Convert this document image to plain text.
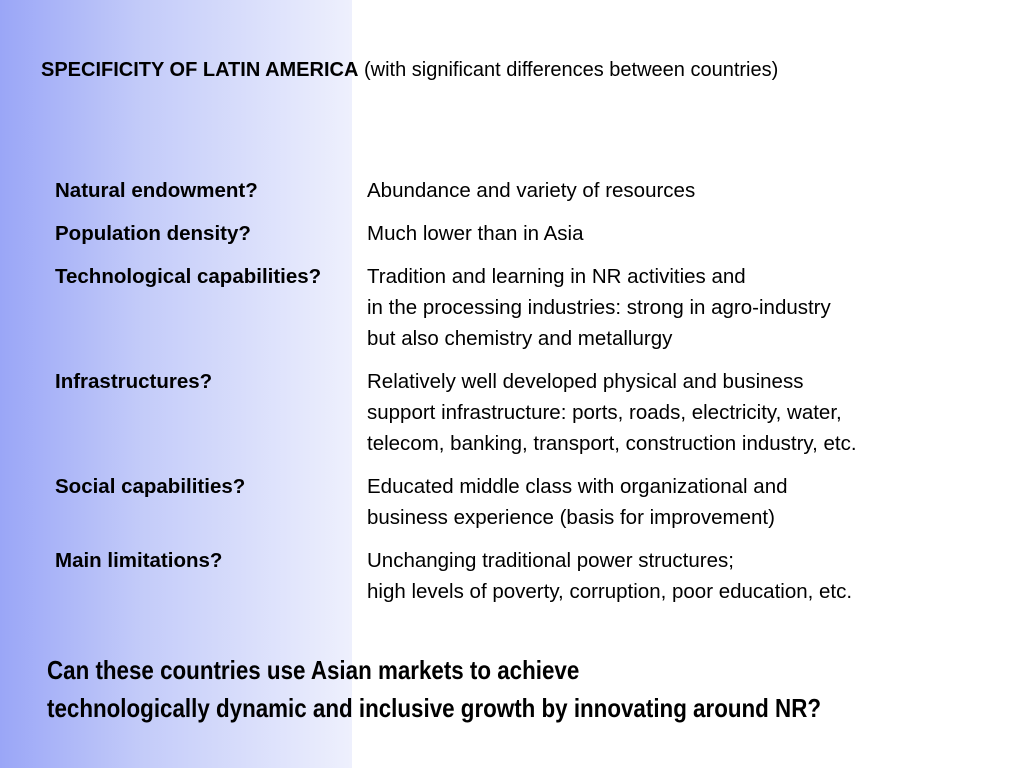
SPECIFICITY OF LATIN AMERICA (with significant differences between countries)
Natural endowment?	Abundance and variety of resources
Population density?	Much lower than in Asia
Technological capabilities? Tradition and learning in NR activities and
in the processing industries: strong in agro-industry
but also chemistry and metallurgy
Infrastructures?	Relatively well developed physical and business
support infrastructure: ports, roads, electricity, water,
telecom, banking, transport, construction industry, etc.
Social capabilities?	Educated middle class with organizational and
business experience (basis for improvement)
Main limitations?	Unchanging traditional power structures;
high levels of poverty, corruption, poor education, etc.
Can these countries use Asian markets to achieve
technologically dynamic and inclusive growth by innovating around NR?
